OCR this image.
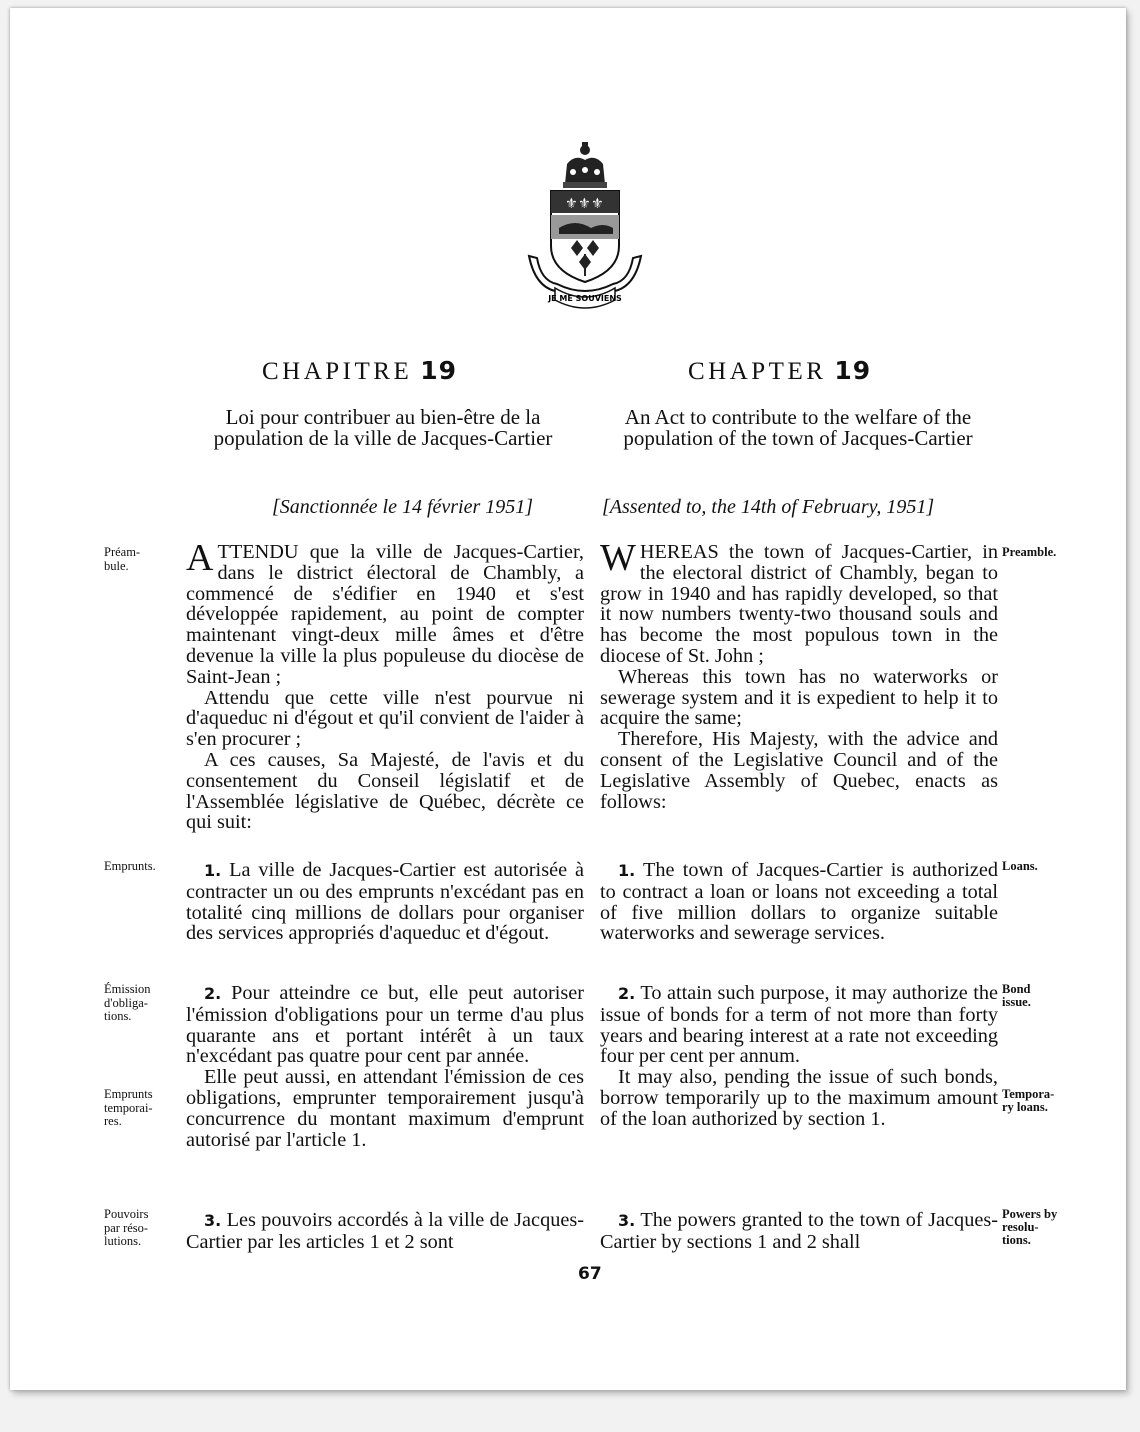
⚜ ⚜ ⚜
JE ME SOUVIENS
CHAPITRE 19	CHAPTER 19
Loi pour contribuer au bien-être de la population de la ville de Jacques-Cartier
An Act to contribute to the welfare of the population of the town of Jacques-Cartier
[Sanctionnée le 14 février 1951]	[Assented to, the 14th of February, 1951]
Préam-
bule.
Emprunts.
Émission
d'obliga-
tions.
Emprunts
temporai-
res.
Pouvoirs
par réso-
lutions.
Preamble.
Loans.
Bond
issue.
Tempora-
ry loans.
Powers by
resolu-
tions.

ATTENDU que la ville de Jacques-Cartier, dans le district électoral de Chambly, a commencé de s'édifier en 1940 et s'est développée rapidement, au point de compter maintenant vingt-deux mille âmes et d'être devenue la ville la plus populeuse du diocèse de Saint-Jean ;

Attendu que cette ville n'est pourvue ni d'aqueduc ni d'égout et qu'il convient de l'aider à s'en procurer ;

A ces causes, Sa Majesté, de l'avis et du consentement du Conseil législatif et de l'Assemblée législative de Québec, décrète ce qui suit:

WHEREAS the town of Jacques-Cartier, in the electoral district of Chambly, began to grow in 1940 and has rapidly developed, so that it now numbers twenty-two thousand souls and has become the most populous town in the diocese of St. John ;

Whereas this town has no waterworks or sewerage system and it is expedient to help it to acquire the same;

Therefore, His Majesty, with the advice and consent of the Legislative Council and of the Legislative Assembly of Quebec, enacts as follows:

1. La ville de Jacques-Cartier est autorisée à contracter un ou des emprunts n'excédant pas en totalité cinq millions de dollars pour organiser des services appropriés d'aqueduc et d'égout.

1. The town of Jacques-Cartier is authorized to contract a loan or loans not exceeding a total of five million dollars to organize suitable waterworks and sewerage services.

2. Pour atteindre ce but, elle peut autoriser l'émission d'obligations pour un terme d'au plus quarante ans et portant intérêt à un taux n'excédant pas quatre pour cent par année.

Elle peut aussi, en attendant l'émission de ces obligations, emprunter temporairement jusqu'à concurrence du montant maximum d'emprunt autorisé par l'article 1.

2. To attain such purpose, it may authorize the issue of bonds for a term of not more than forty years and bearing interest at a rate not exceeding four per cent per annum.

It may also, pending the issue of such bonds, borrow temporarily up to the maximum amount of the loan authorized by section 1.

3. Les pouvoirs accordés à la ville de Jacques-Cartier par les articles 1 et 2 sont

3. The powers granted to the town of Jacques-Cartier by sections 1 and 2 shall

67
